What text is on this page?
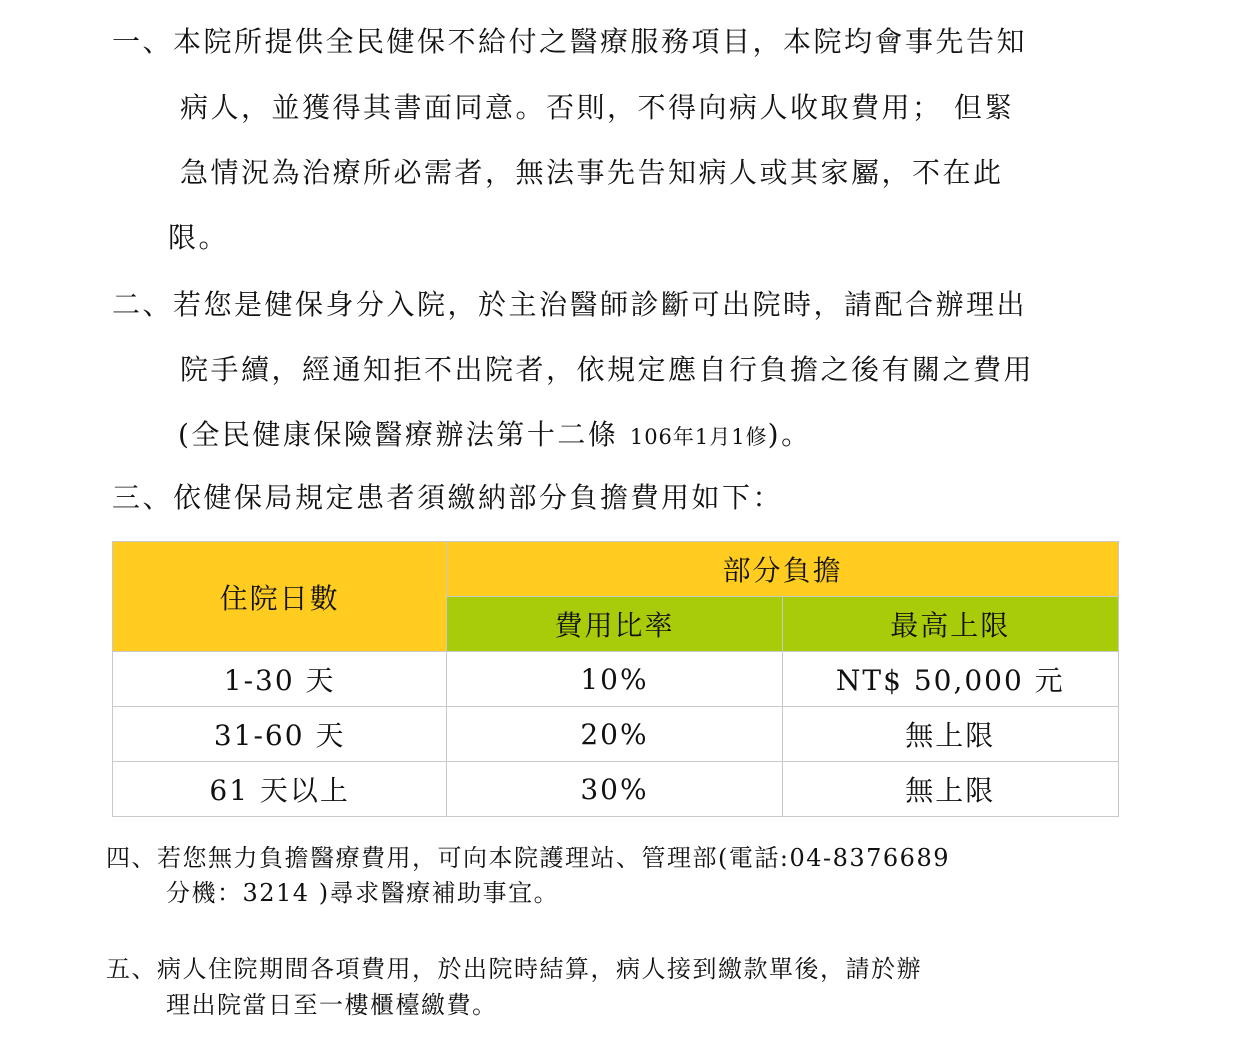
一、本院所提供全民健保不給付之醫療服務項目，本院均會事先告知
病人，並獲得其書面同意。否則，不得向病人收取費用； 但緊
急情況為治療所必需者，無法事先告知病人或其家屬，不在此
限。
二、若您是健保身分入院，於主治醫師診斷可出院時，請配合辦理出
院手續，經通知拒不出院者，依規定應自行負擔之後有關之費用
(全民健康保險醫療辦法第十二條 106年1月1修)。
三、依健保局規定患者須繳納部分負擔費用如下：
住院日數	部分負擔	
	費用比率	最高上限
1-30 天	10%	NT$ 50,000 元
31-60 天	20%	無上限
61 天以上	30%	無上限
四、若您無力負擔醫療費用，可向本院護理站、管理部(電話:04-8376689
分機：3214 )尋求醫療補助事宜。
五、病人住院期間各項費用，於出院時結算，病人接到繳款單後，請於辦
理出院當日至一樓櫃檯繳費。
